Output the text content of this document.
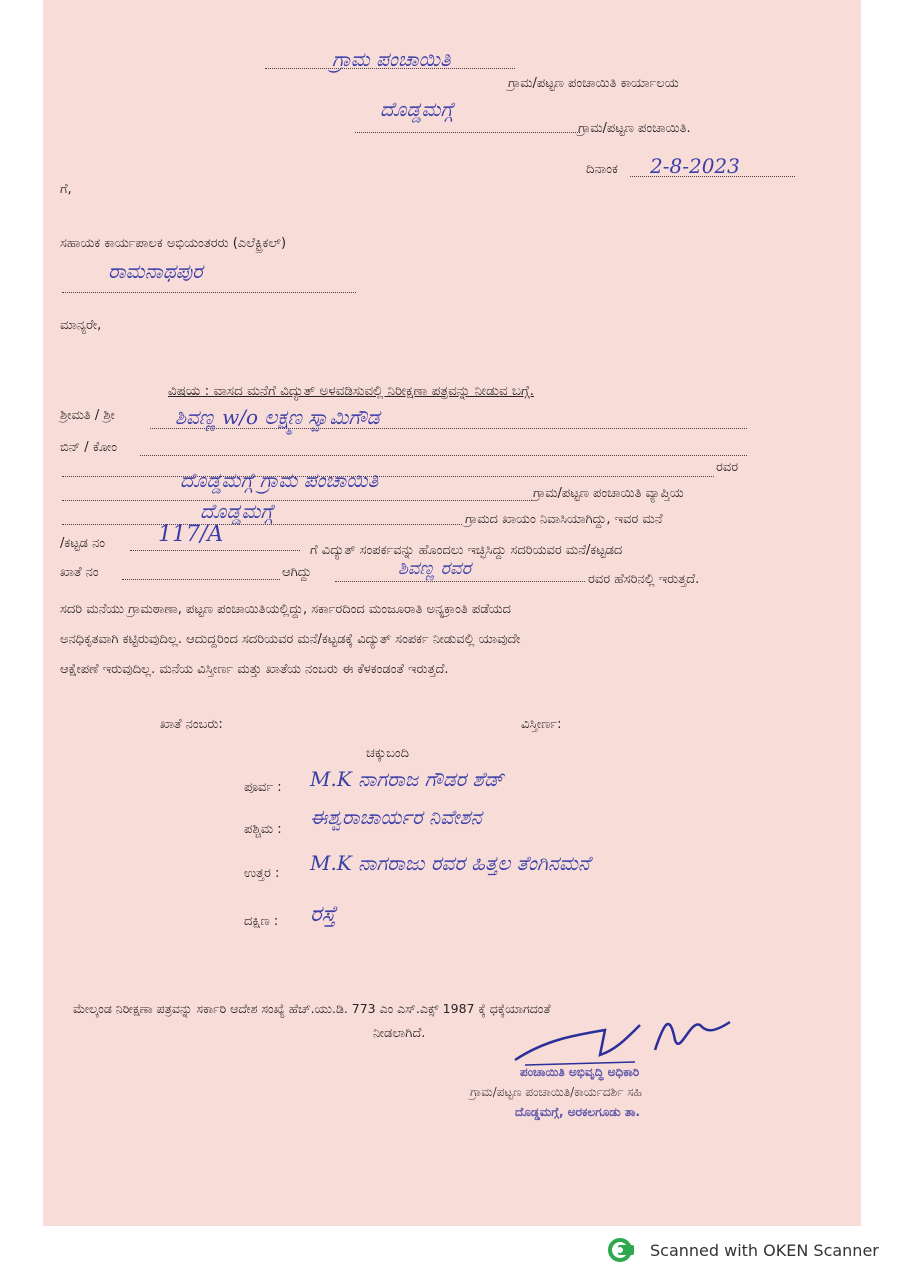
ಗ್ರಾಮ ಪಂಚಾಯಿತಿ
ಗ್ರಾಮ/ಪಟ್ಟಣ ಪಂಚಾಯಿತಿ ಕಾರ್ಯಾಲಯ
ದೊಡ್ಡಮಗ್ಗೆ
ಗ್ರಾಮ/ಪಟ್ಟಣ ಪಂಚಾಯಿತಿ.
ದಿನಾಂಕ 2-8-2023
ಗೆ,
ಸಹಾಯಕ ಕಾರ್ಯಪಾಲಕ ಅಭಿಯಂತರರು (ಎಲೆಕ್ಟ್ರಿಕಲ್)
ರಾಮನಾಥಪುರ
ಮಾನ್ಯರೇ,
ವಿಷಯ : ವಾಸದ ಮನೆಗೆ ವಿದ್ಯುತ್ ಅಳವಡಿಸುವಲ್ಲಿ ನಿರೀಕ್ಷಣಾ ಪತ್ರವನ್ನು ನೀಡುವ ಬಗ್ಗೆ.
ಶ್ರೀಮತಿ / ಶ್ರೀ	ಶಿವಣ್ಣ w/o ಲಕ್ಷ್ಮಣ ಸ್ವಾಮಿಗೌಡ
ಬಿನ್ / ಕೋಂ
ರವರ
ದೊಡ್ಡಮಗ್ಗೆ ಗ್ರಾಮ ಪಂಚಾಯಿತಿ
ಗ್ರಾಮ/ಪಟ್ಟಣ ಪಂಚಾಯಿತಿ ವ್ಯಾಪ್ತಿಯ
ದೊಡ್ಡಮಗ್ಗೆ	ಗ್ರಾಮದ ಖಾಯಂ ನಿವಾಸಿಯಾಗಿದ್ದು, ಇವರ ಮನೆ
/ಕಟ್ಟಡ ನಂ 117/A
ಗೆ ವಿದ್ಯುತ್ ಸಂಪರ್ಕವನ್ನು ಹೊಂದಲು ಇಚ್ಛಿಸಿದ್ದು ಸದರಿಯವರ ಮನೆ/ಕಟ್ಟಡದ
ಖಾತೆ ನಂ	ಆಗಿದ್ದು	ಶಿವಣ್ಣ ರವರ
ರವರ ಹೆಸರಿನಲ್ಲಿ ಇರುತ್ತದೆ.
ಸದರಿ ಮನೆಯು ಗ್ರಾಮಠಾಣಾ, ಪಟ್ಟಣ ಪಂಚಾಯಿತಿಯಲ್ಲಿದ್ದು, ಸರ್ಕಾರದಿಂದ ಮಂಜೂರಾತಿ ಅನ್ಯಕ್ರಾಂತಿ ಪಡೆಯದ
ಅನಧಿಕೃತವಾಗಿ ಕಟ್ಟಿರುವುದಿಲ್ಲ. ಆದುದ್ದರಿಂದ ಸದರಿಯವರ ಮನೆ/ಕಟ್ಟಡಕ್ಕೆ ವಿದ್ಯುತ್ ಸಂಪರ್ಕ ನೀಡುವಲ್ಲಿ ಯಾವುದೇ
ಆಕ್ಷೇಪಣೆ ಇರುವುದಿಲ್ಲ. ಮನೆಯ ವಿಸ್ತೀರ್ಣ ಮತ್ತು ಖಾತೆಯ ನಂಬರು ಈ ಕೆಳಕಂಡಂತೆ ಇರುತ್ತದೆ.
ಖಾತೆ ನಂಬರು:	ವಿಸ್ತೀರ್ಣ:
ಚಕ್ಕುಬಂದಿ
ಪೂರ್ವ : M.K ನಾಗರಾಜ ಗೌಡರ ಶೆಡ್
ಪಶ್ಚಿಮ :
ಈಶ್ವರಾಚಾರ್ಯರ ನಿವೇಶನ
ಉತ್ತರ : M.K ನಾಗರಾಜು ರವರ ಹಿತ್ತಲ ತೆಂಗಿನಮನೆ
ದಕ್ಷಿಣ : ರಸ್ತೆ
ಮೇಲ್ಕಂಡ ನಿರೀಕ್ಷಣಾ ಪತ್ರವನ್ನು ಸರ್ಕಾರಿ ಆದೇಶ ಸಂಖ್ಯೆ ಹೆಚ್.ಯು.ಡಿ. 773 ಎಂ ಎಸ್.ಎಕ್ಸ್ 1987 ಕ್ಕೆ ಧಕ್ಕೆಯಾಗದಂತೆ
ನೀಡಲಾಗಿದೆ.
ಪಂಚಾಯಿತಿ ಅಭಿವೃದ್ಧಿ ಅಧಿಕಾರಿ
ಗ್ರಾಮ/ಪಟ್ಟಣ ಪಂಚಾಯಿತಿ/ಕಾರ್ಯದರ್ಶಿ ಸಹಿ
ದೊಡ್ಡಮಗ್ಗೆ, ಅರಕಲಗೂಡು ತಾ.
Scanned with OKEN Scanner
